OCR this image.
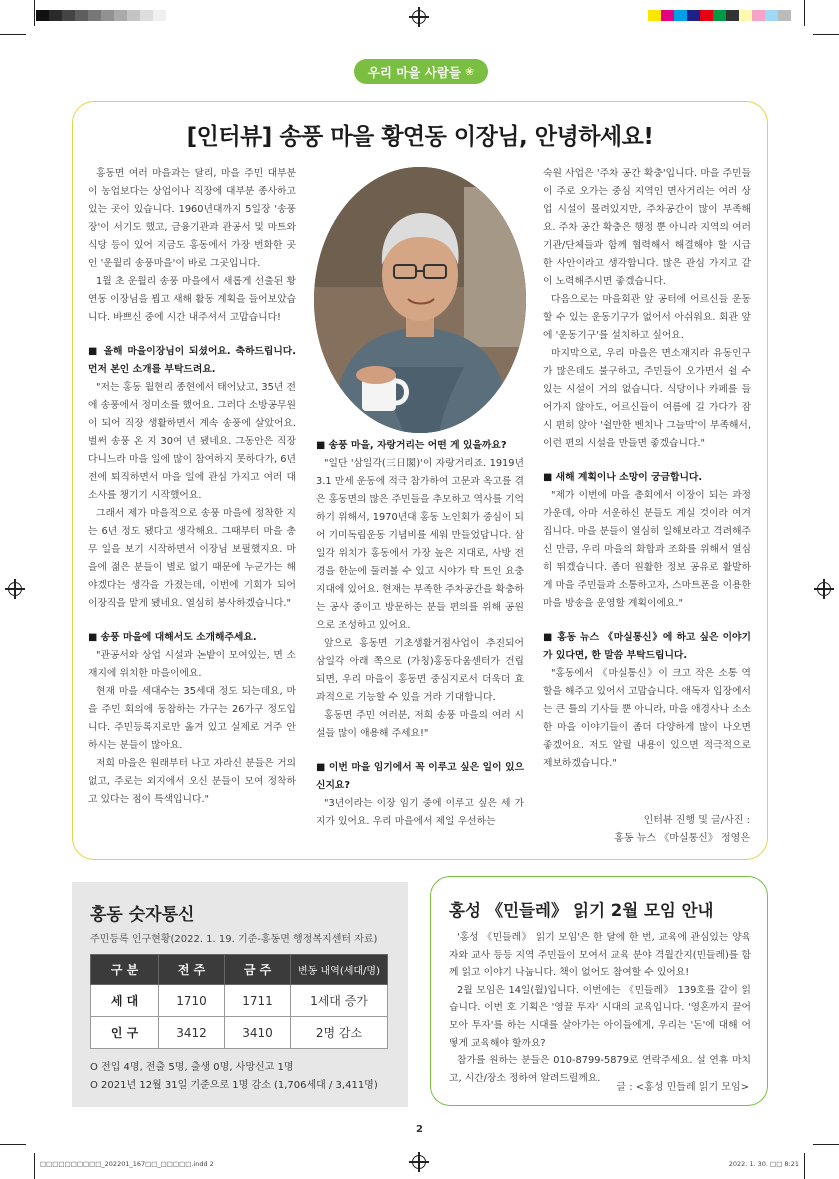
우리 마을 사람들 ❀
[인터뷰] 송풍 마을 황연동 이장님, 안녕하세요!

홍동면 여러 마을과는 달리, 마을 주민 대부분이 농업보다는 상업이나 직장에 대부분 종사하고 있는 곳이 있습니다. 1960년대까지 5일장 '송풍장'이 서기도 했고, 금융기관과 관공서 및 마트와 식당 등이 있어 지금도 홍동에서 가장 번화한 곳인 '운월리 송풍마을'이 바로 그곳입니다.

1월 초 운월리 송풍 마을에서 새롭게 선출된 황연동 이장님을 뵙고 새해 활동 계획을 들어보았습니다. 바쁘신 중에 시간 내주셔서 고맙습니다!

■ 올해 마을이장님이 되셨어요. 축하드립니다. 먼저 본인 소개를 부탁드려요.

"저는 홍동 월현리 종현에서 태어났고, 35년 전에 송풍에서 정미소를 했어요. 그러다 소방공무원이 되어 직장 생활하면서 계속 송풍에 살았어요. 벌써 송풍 온 지 30여 년 됐네요. 그동안은 직장 다니느라 마을 일에 많이 참여하지 못하다가, 6년 전에 퇴직하면서 마을 일에 관심 가지고 여러 대소사를 챙기기 시작했어요.

그래서 제가 마을적으로 송풍 마을에 정착한 지는 6년 정도 됐다고 생각해요. 그때부터 마을 총무 일을 보기 시작하면서 이장님 보필했지요. 마을에 젊은 분들이 별로 없기 때문에 누군가는 해야겠다는 생각을 가졌는데, 이번에 기회가 되어 이장직을 맡게 됐네요. 열심히 봉사하겠습니다."

■ 송풍 마을에 대해서도 소개해주세요.

"관공서와 상업 시설과 논밭이 모여있는, 면 소재지에 위치한 마을이에요.

현재 마을 세대수는 35세대 정도 되는데요, 마을 주민 회의에 동참하는 가구는 26가구 정도입니다. 주민등록지로만 옮겨 있고 실제로 거주 안 하시는 분들이 많아요.

저희 마을은 원래부터 나고 자라신 분들은 거의 없고, 주로는 외지에서 오신 분들이 모여 정착하고 있다는 점이 특색입니다."

■ 송풍 마을, 자랑거리는 어떤 게 있을까요?

"일단 '삼일각(三日閣)'이 자랑거리죠. 1919년 3.1 만세 운동에 적극 참가하여 고문과 옥고를 겪은 홍동면의 많은 주민들을 추모하고 역사를 기억하기 위해서, 1970년대 홍동 노인회가 중심이 되어 기미독립운동 기념비를 세워 만들었답니다. 삼일각 위치가 홍동에서 가장 높은 지대로, 사방 전경을 한눈에 둘러볼 수 있고 시야가 탁 트인 요충 지대에 있어요. 현재는 부족한 주차공간을 확충하는 공사 중이고 방문하는 분들 편의를 위해 공원으로 조성하고 있어요.

앞으로 홍동면 기초생활거점사업이 추진되어 삼일각 아래 쪽으로 (가칭)홍동다움센터가 건립되면, 우리 마을이 홍동면 중심지로서 더욱더 효과적으로 기능할 수 있을 거라 기대합니다.

홍동면 주민 여러분, 저희 송풍 마을의 여러 시설들 많이 애용해 주세요!"

■ 이번 마을 임기에서 꼭 이루고 싶은 일이 있으신지요?

"3년이라는 이장 임기 중에 이루고 싶은 세 가지가 있어요. 우리 마을에서 제일 우선하는

숙원 사업은 '주차 공간 확충'입니다. 마을 주민들이 주로 오가는 중심 지역인 면사거리는 여러 상업 시설이 몰려있지만, 주차공간이 많이 부족해요. 주차 공간 확충은 행정 뿐 아니라 지역의 여러 기관/단체들과 함께 협력해서 해결해야 할 시급한 사안이라고 생각합니다. 많은 관심 가지고 같이 노력해주시면 좋겠습니다.

다음으로는 마을회관 앞 공터에 어르신들 운동할 수 있는 운동기구가 없어서 아쉬워요. 회관 앞에 '운동기구'를 설치하고 싶어요.

마지막으로, 우리 마을은 면소재지라 유동인구가 많은데도 불구하고, 주민들이 오가면서 쉴 수 있는 시설이 거의 없습니다. 식당이나 카페를 들어가지 않아도, 어르신들이 여름에 길 가다가 잠시 편히 앉아 '쉴만한 벤치나 그늘막'이 부족해서, 이런 편의 시설을 만들면 좋겠습니다."

■ 새해 계획이나 소망이 궁금합니다.

"제가 이번에 마을 총회에서 이장이 되는 과정 가운데, 아마 서운하신 분들도 계실 것이라 여겨집니다. 마을 분들이 열심히 일해보라고 격려해주신 만큼, 우리 마을의 화합과 조화를 위해서 열심히 뛰겠습니다. 좀더 원활한 정보 공유로 활발하게 마을 주민들과 소통하고자, 스마트폰을 이용한 마을 방송을 운영할 계획이에요."

■ 홍동 뉴스 《마실통신》에 하고 싶은 이야기가 있다면, 한 말씀 부탁드립니다.

"홍동에서 《마실통신》이 크고 작은 소통 역할을 해주고 있어서 고맙습니다. 애독자 입장에서는 큰 틀의 기사들 뿐 아니라, 마을 애경사나 소소한 마을 이야기들이 좀더 다양하게 많이 나오면 좋겠어요. 저도 알릴 내용이 있으면 적극적으로 제보하겠습니다."

인터뷰 진행 및 글/사진 :
홍동 뉴스 《마실통신》 정영은
홍동 숫자통신
주민등록 인구현황(2022. 1. 19. 기준-홍동면 행정복지센터 자료)
구 분	전 주	금 주	변동 내역(세대/명)
세 대	1710	1711	1세대 증가
인 구	3412	3410	2명 감소
O 전입 4명, 전출 5명, 출생 0명, 사망신고 1명
O 2021년 12월 31일 기준으로 1명 감소 (1,706세대 / 3,411명)
홍성 《민들레》 읽기 2월 모임 안내

'홍성 《민들레》 읽기 모임'은 한 달에 한 번, 교육에 관심있는 양육자와 교사 등등 지역 주민들이 모여서 교육 분야 격월간지(민들레)를 함께 읽고 이야기 나눕니다. 책이 없어도 참여할 수 있어요!

2월 모임은 14일(월)입니다. 이번에는 《민들레》 139호를 같이 읽습니다. 이번 호 기획은 '영끌 투자' 시대의 교육입니다. '영혼까지 끌어모아 투자'를 하는 시대를 살아가는 아이들에게, 우리는 '돈'에 대해 어떻게 교육해야 할까요?

참가를 원하는 분들은 010-8799-5879로 연락주세요. 설 연휴 마치고, 시간/장소 정하여 알려드릴께요.

글 : <홍성 민들레 읽기 모임>
2
□□□□□□□□□□_202201_167□□_□□□□□.indd 2	2022. 1. 30. □□ 8:21
